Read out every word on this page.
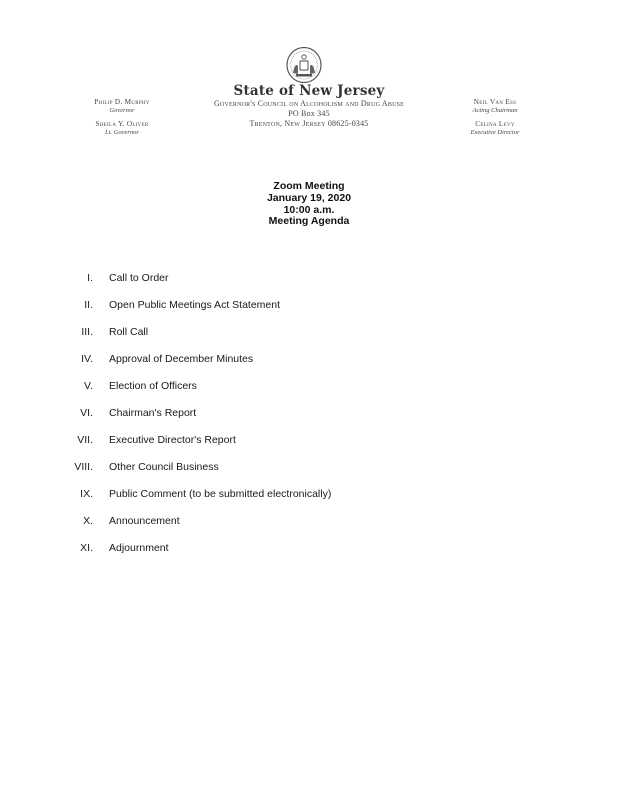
State of New Jersey
Governor's Council on Alcoholism and Drug Abuse
PO Box 345
Trenton, New Jersey 08625-0345
Philip D. Murphy
Governor
Sheila Y. Oliver
Lt. Governor
Neil Van Ess
Acting Chairman
Celina Levy
Executive Director
Zoom Meeting
January 19, 2020
10:00 a.m.
Meeting Agenda
I. Call to Order
II. Open Public Meetings Act Statement
III. Roll Call
IV. Approval of December Minutes
V. Election of Officers
VI. Chairman's Report
VII. Executive Director's Report
VIII. Other Council Business
IX. Public Comment (to be submitted electronically)
X. Announcement
XI. Adjournment
